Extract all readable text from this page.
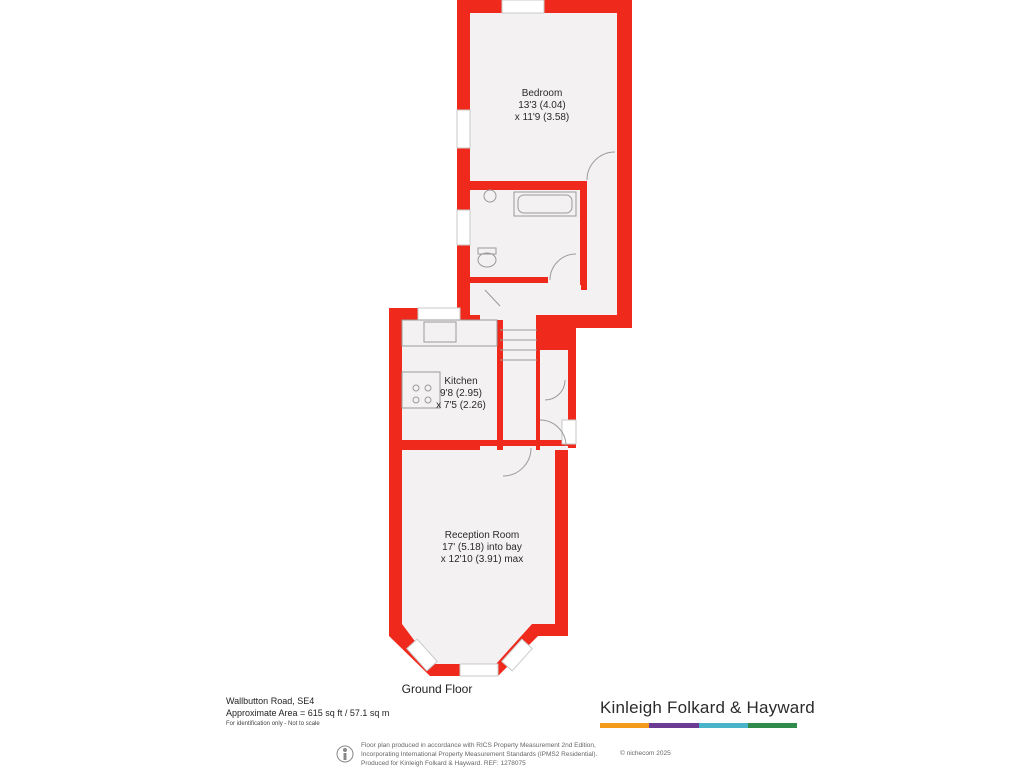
Bedroom
13'3 (4.04)
x 11'9 (3.58)
Kitchen
9'8 (2.95)
x 7'5 (2.26)
Reception Room
17' (5.18) into bay
x 12'10 (3.91) max
Ground Floor
Wallbutton Road, SE4
Approximate Area = 615 sq ft / 57.1 sq m
For identification only - Not to scale
Kinleigh Folkard & Hayward
Floor plan produced in accordance with RICS Property Measurement 2nd Edition,
Incorporating International Property Measurement Standards (IPMS2 Residential).
Produced for Kinleigh Folkard & Hayward. REF: 1278075
© nichecom 2025
